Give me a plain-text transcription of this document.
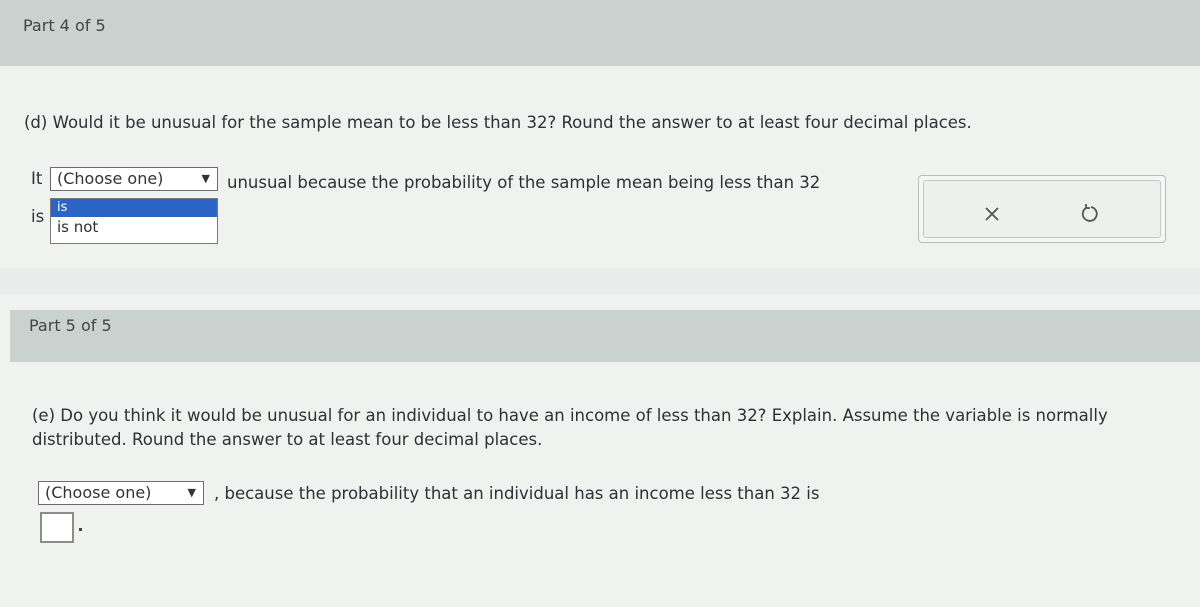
Part 4 of 5
(d) Would it be unusual for the sample mean to be less than 32? Round the answer to at least four decimal places.
It (Choose one)	▼ unusual because the probability of the sample mean being less than 32
is is
is not
Part 5 of 5
(e) Do you think it would be unusual for an individual to have an income of less than 32? Explain. Assume the variable is normally distributed. Round the answer to at least four decimal places.
(Choose one)	▼ , because the probability that an individual has an income less than 32 is
